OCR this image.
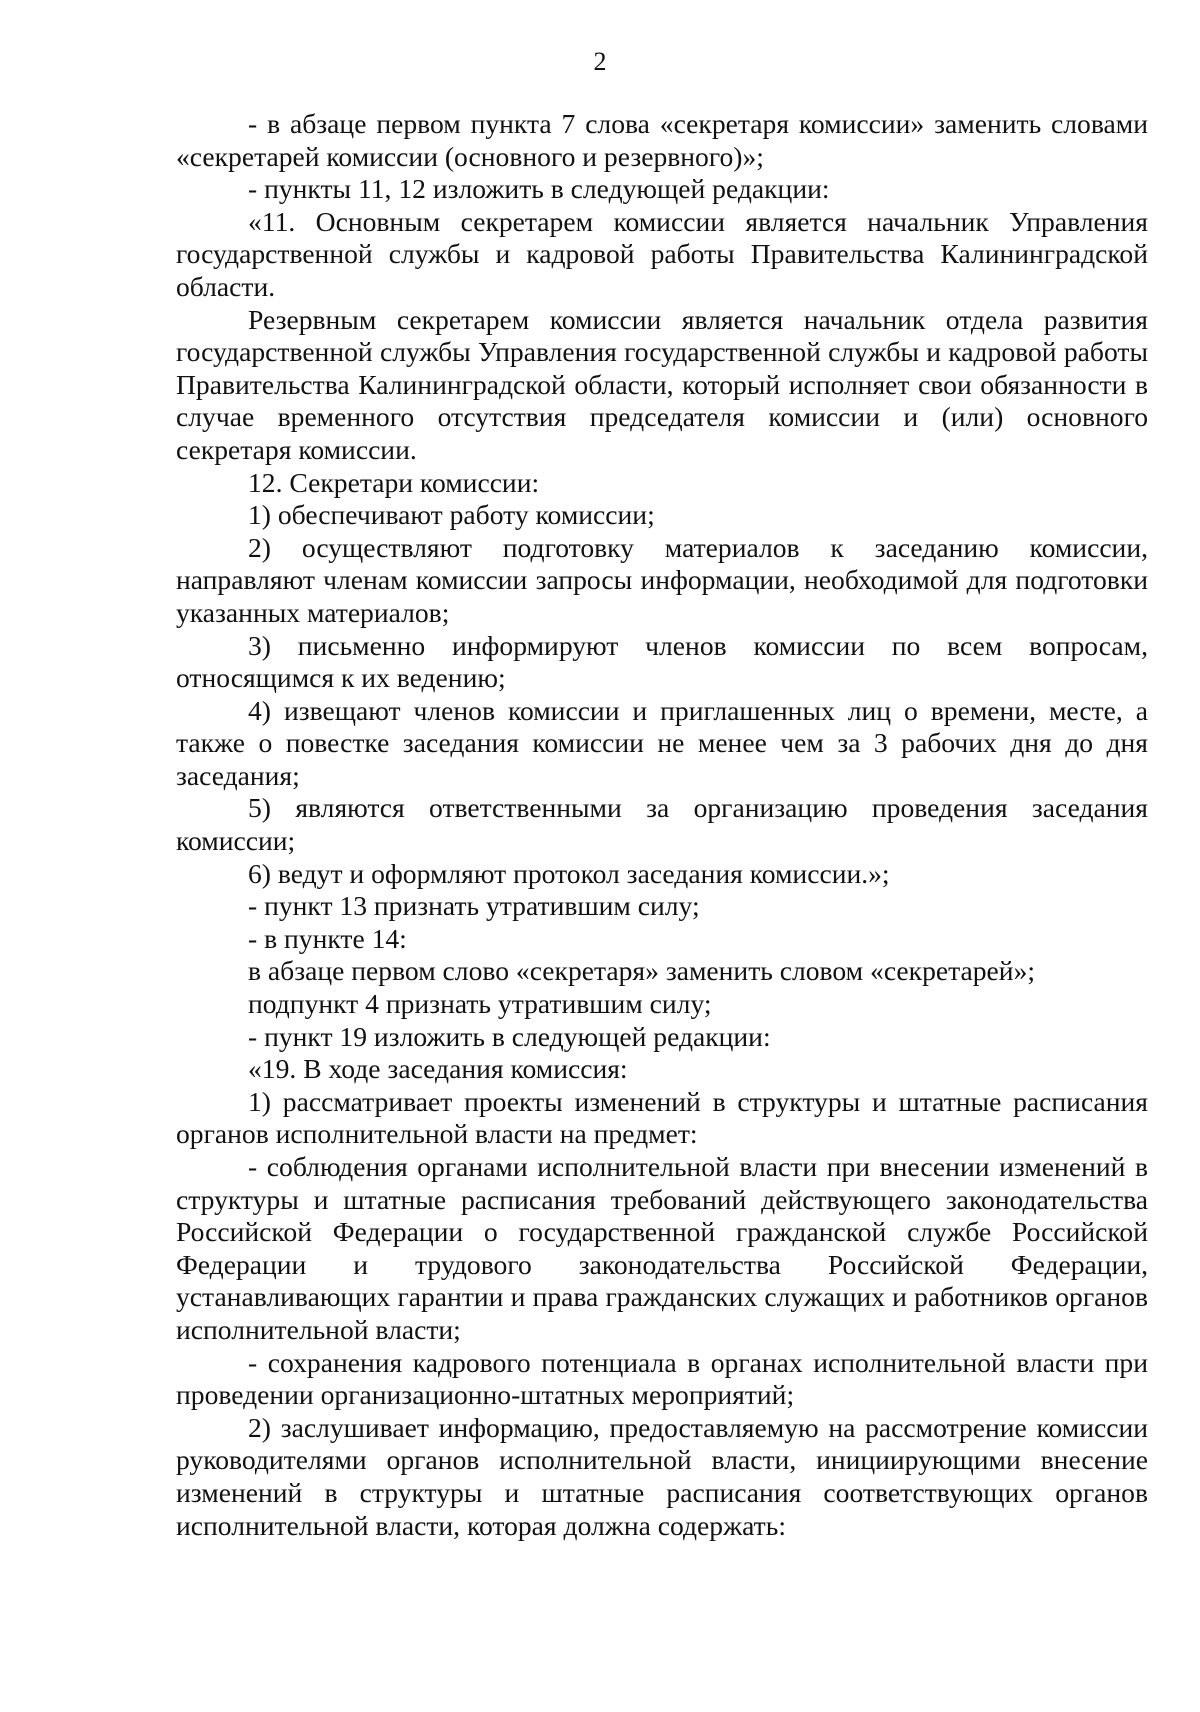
2

- в абзаце первом пункта 7 слова «секретаря комиссии» заменить словами «секретарей комиссии (основного и резервного)»;

- пункты 11, 12 изложить в следующей редакции:

«11. Основным секретарем комиссии является начальник Управления государственной службы и кадровой работы Правительства Калининградской области.

Резервным секретарем комиссии является начальник отдела развития государственной службы Управления государственной службы и кадровой работы Правительства Калининградской области, который исполняет свои обязанности в случае временного отсутствия председателя комиссии и (или) основного секретаря комиссии.

12. Секретари комиссии:

1) обеспечивают работу комиссии;

2) осуществляют подготовку материалов к заседанию комиссии, направляют членам комиссии запросы информации, необходимой для подготовки указанных материалов;

3) письменно информируют членов комиссии по всем вопросам, относящимся к их ведению;

4) извещают членов комиссии и приглашенных лиц о времени, месте, а также о повестке заседания комиссии не менее чем за 3 рабочих дня до дня заседания;

5) являются ответственными за организацию проведения заседания комиссии;

6) ведут и оформляют протокол заседания комиссии.»;

- пункт 13 признать утратившим силу;

- в пункте 14:

в абзаце первом слово «секретаря» заменить словом «секретарей»;

подпункт 4 признать утратившим силу;

- пункт 19 изложить в следующей редакции:

«19. В ходе заседания комиссия:

1) рассматривает проекты изменений в структуры и штатные расписания органов исполнительной власти на предмет:

- соблюдения органами исполнительной власти при внесении изменений в структуры и штатные расписания требований действующего законодательства Российской Федерации о государственной гражданской службе Российской Федерации и трудового законодательства Российской Федерации, устанавливающих гарантии и права гражданских служащих и работников органов исполнительной власти;

- сохранения кадрового потенциала в органах исполнительной власти при проведении организационно-штатных мероприятий;

2) заслушивает информацию, предоставляемую на рассмотрение комиссии руководителями органов исполнительной власти, инициирующими внесение изменений в структуры и штатные расписания соответствующих органов исполнительной власти, которая должна содержать:
